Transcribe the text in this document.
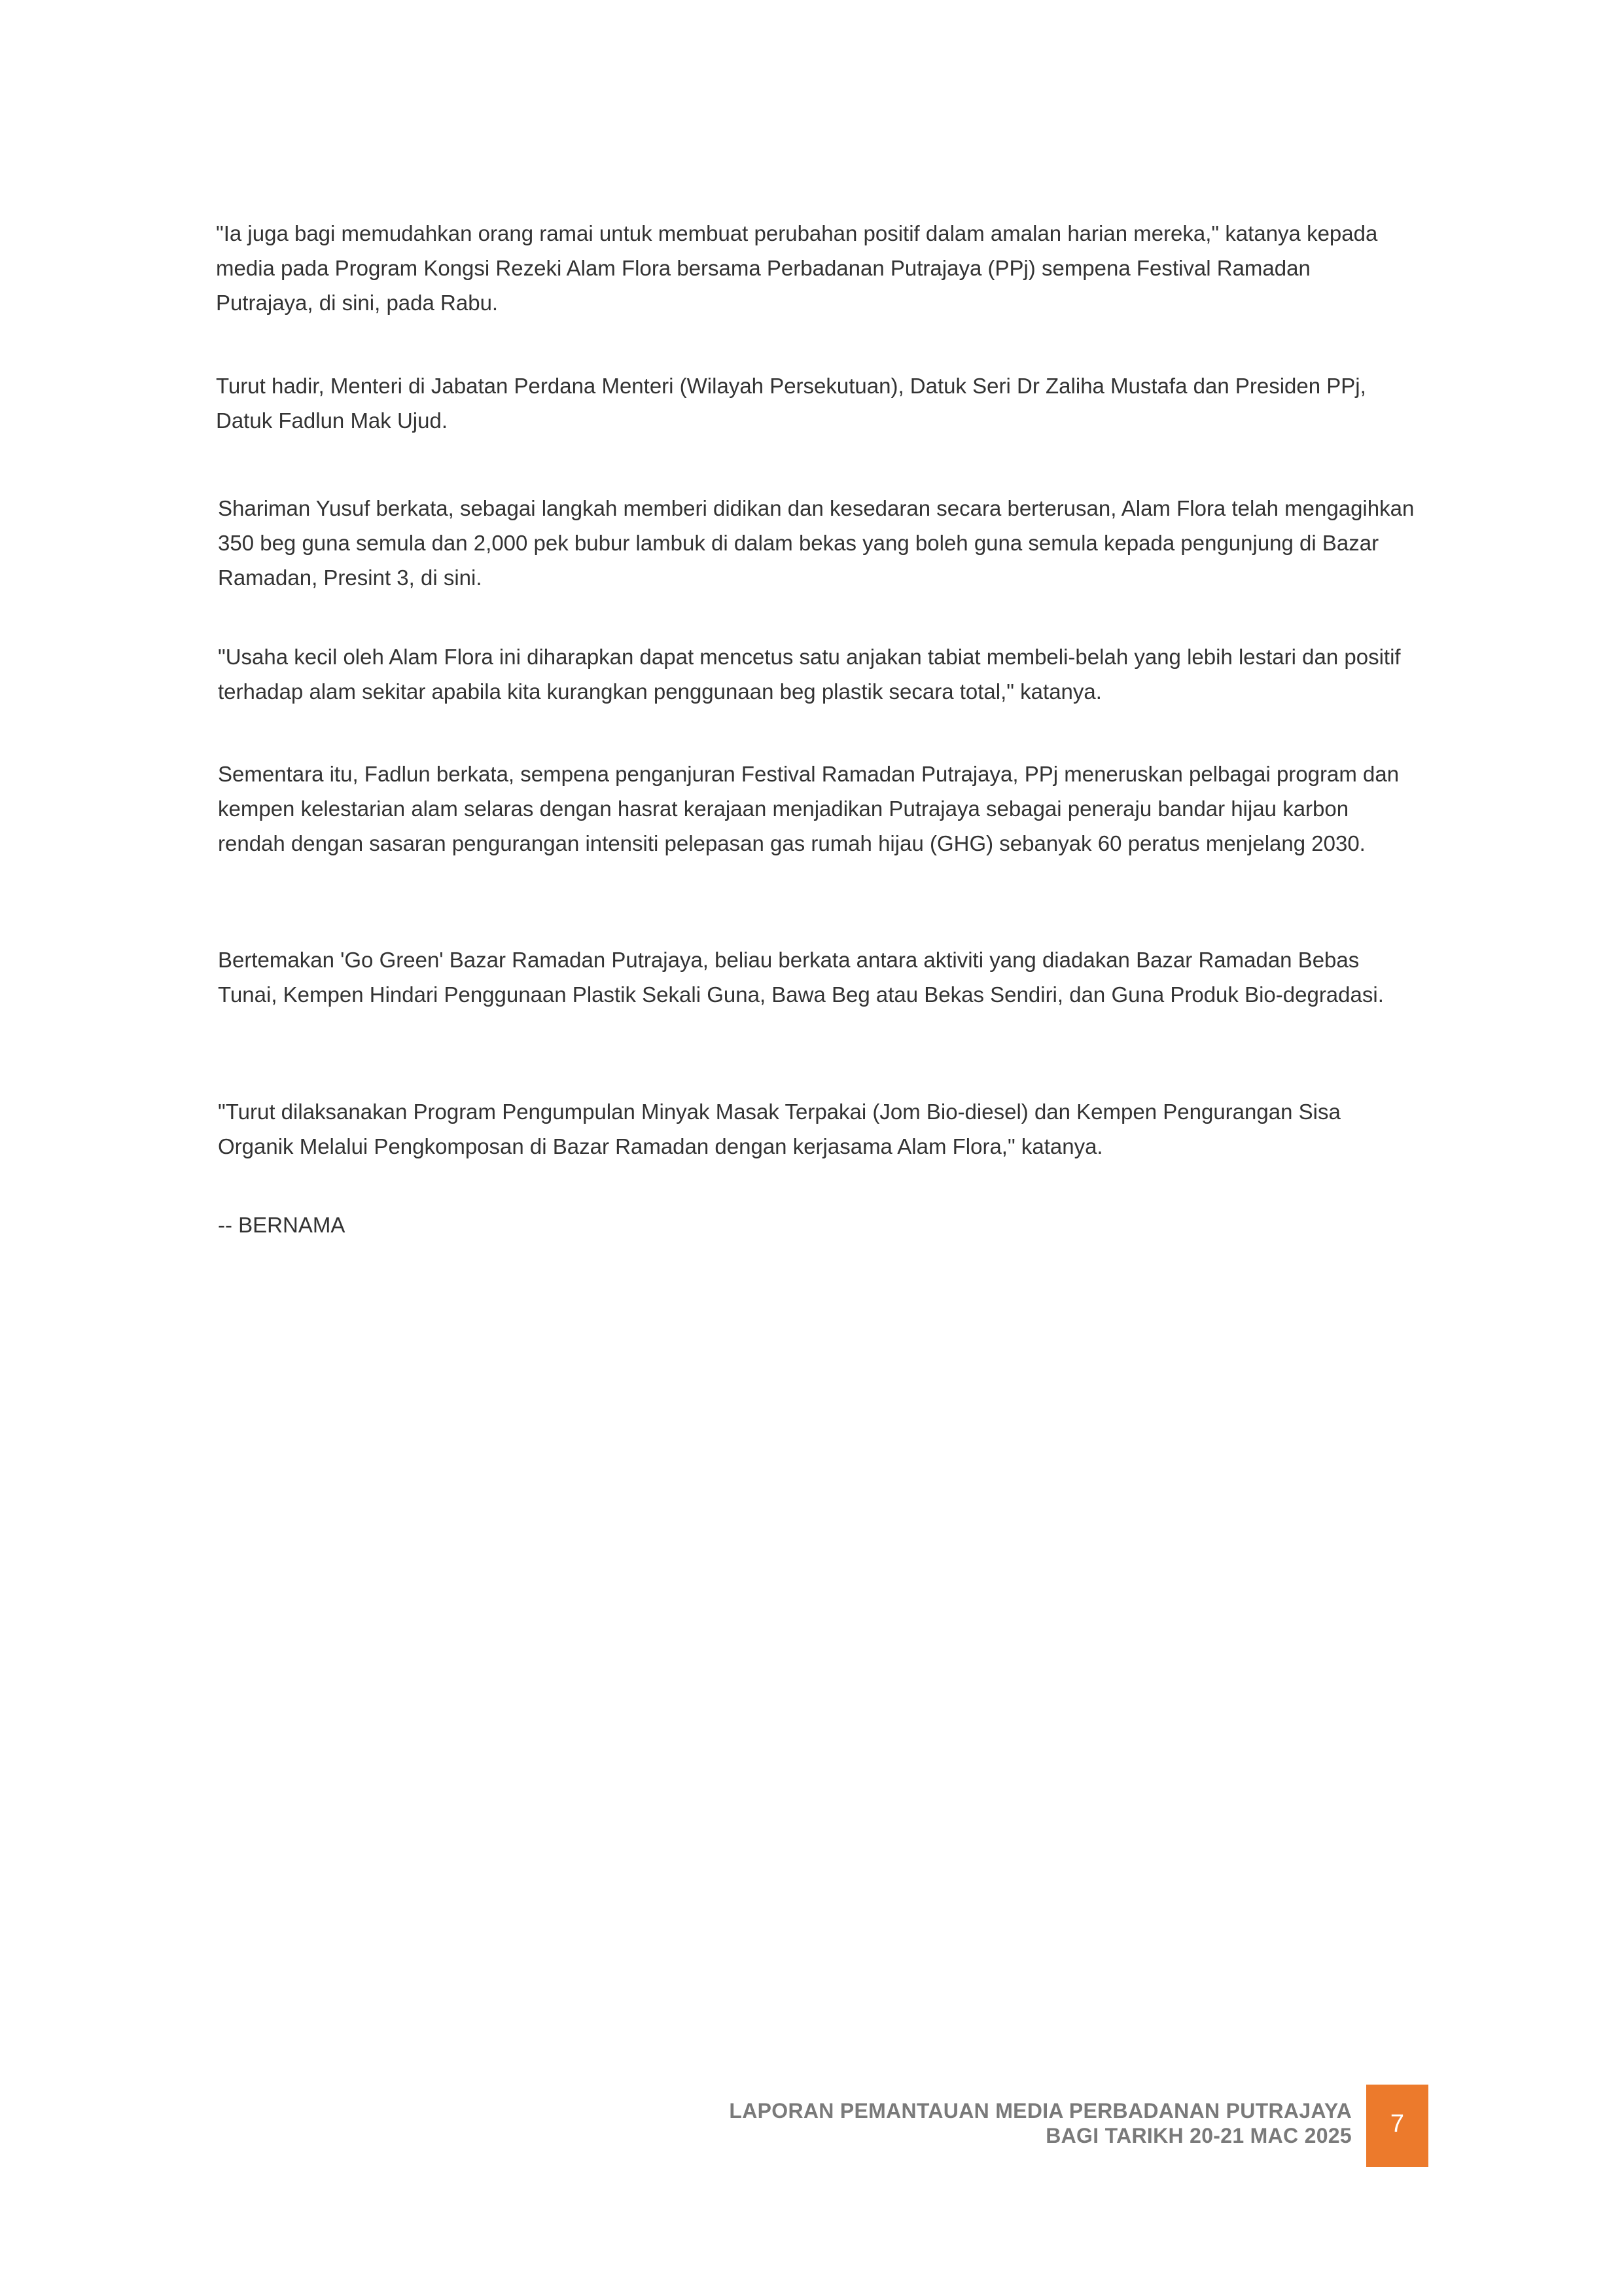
"Ia juga bagi memudahkan orang ramai untuk membuat perubahan positif dalam amalan harian mereka," katanya kepada media pada Program Kongsi Rezeki Alam Flora bersama Perbadanan Putrajaya (PPj) sempena Festival Ramadan Putrajaya, di sini, pada Rabu.

Turut hadir, Menteri di Jabatan Perdana Menteri (Wilayah Persekutuan), Datuk Seri Dr Zaliha Mustafa dan Presiden PPj, Datuk Fadlun Mak Ujud.

Shariman Yusuf berkata, sebagai langkah memberi didikan dan kesedaran secara berterusan, Alam Flora telah mengagihkan 350 beg guna semula dan 2,000 pek bubur lambuk di dalam bekas yang boleh guna semula kepada pengunjung di Bazar Ramadan, Presint 3, di sini.

"Usaha kecil oleh Alam Flora ini diharapkan dapat mencetus satu anjakan tabiat membeli-belah yang lebih lestari dan positif terhadap alam sekitar apabila kita kurangkan penggunaan beg plastik secara total," katanya.

Sementara itu, Fadlun berkata, sempena penganjuran Festival Ramadan Putrajaya, PPj meneruskan pelbagai program dan kempen kelestarian alam selaras dengan hasrat kerajaan menjadikan Putrajaya sebagai peneraju bandar hijau karbon rendah dengan sasaran pengurangan intensiti pelepasan gas rumah hijau (GHG) sebanyak 60 peratus menjelang 2030.

Bertemakan 'Go Green' Bazar Ramadan Putrajaya, beliau berkata antara aktiviti yang diadakan Bazar Ramadan Bebas Tunai, Kempen Hindari Penggunaan Plastik Sekali Guna, Bawa Beg atau Bekas Sendiri, dan Guna Produk Bio-degradasi.

"Turut dilaksanakan Program Pengumpulan Minyak Masak Terpakai (Jom Bio-diesel) dan Kempen Pengurangan Sisa Organik Melalui Pengkomposan di Bazar Ramadan dengan kerjasama Alam Flora," katanya.

-- BERNAMA

LAPORAN PEMANTAUAN MEDIA PERBADANAN PUTRAJAYA
BAGI TARIKH 20-21 MAC 2025	7
